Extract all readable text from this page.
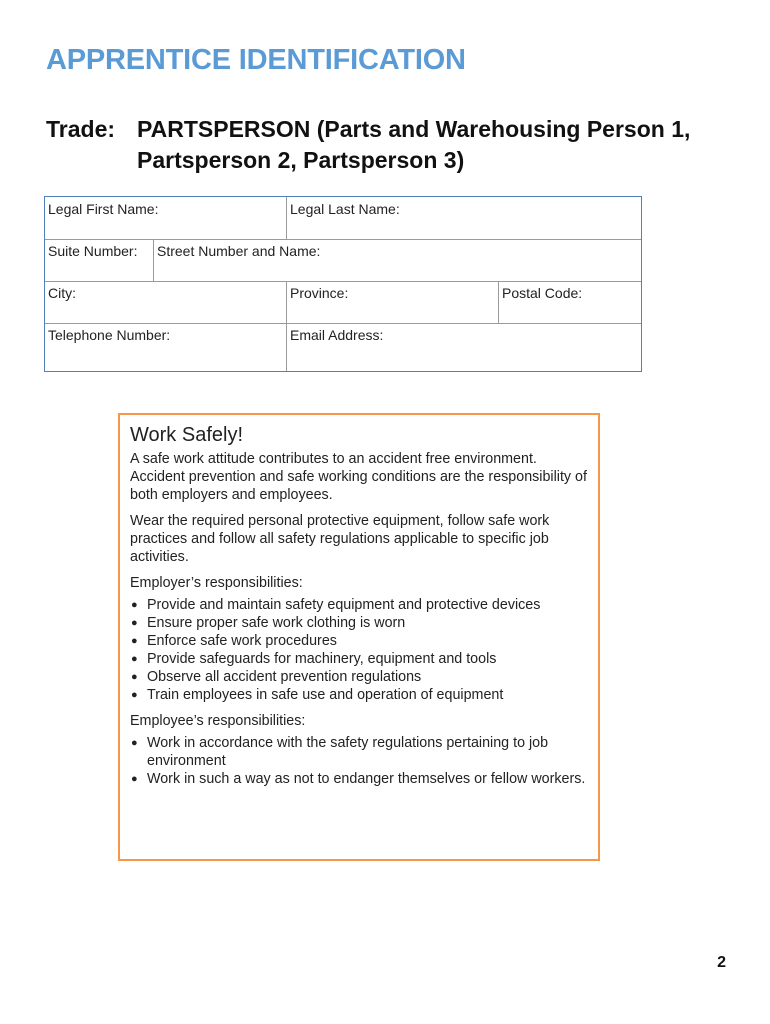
APPRENTICE IDENTIFICATION
Trade: PARTSPERSON (Parts and Warehousing Person 1, Partsperson 2, Partsperson 3)
Legal First Name:	Legal Last Name:
Suite Number:	Street Number and Name:
City:	Province:	Postal Code:
Telephone Number:	Email Address:
Work Safely!

A safe work attitude contributes to an accident free environment. Accident prevention and safe working conditions are the responsibility of both employers and employees.

Wear the required personal protective equipment, follow safe work practices and follow all safety regulations applicable to specific job activities.

Employer’s responsibilities:

● Provide and maintain safety equipment and protective devices
● Ensure proper safe work clothing is worn
● Enforce safe work procedures
● Provide safeguards for machinery, equipment and tools
● Observe all accident prevention regulations
● Train employees in safe use and operation of equipment

Employee’s responsibilities:

● Work in accordance with the safety regulations pertaining to job environment
● Work in such a way as not to endanger themselves or fellow workers.
2
